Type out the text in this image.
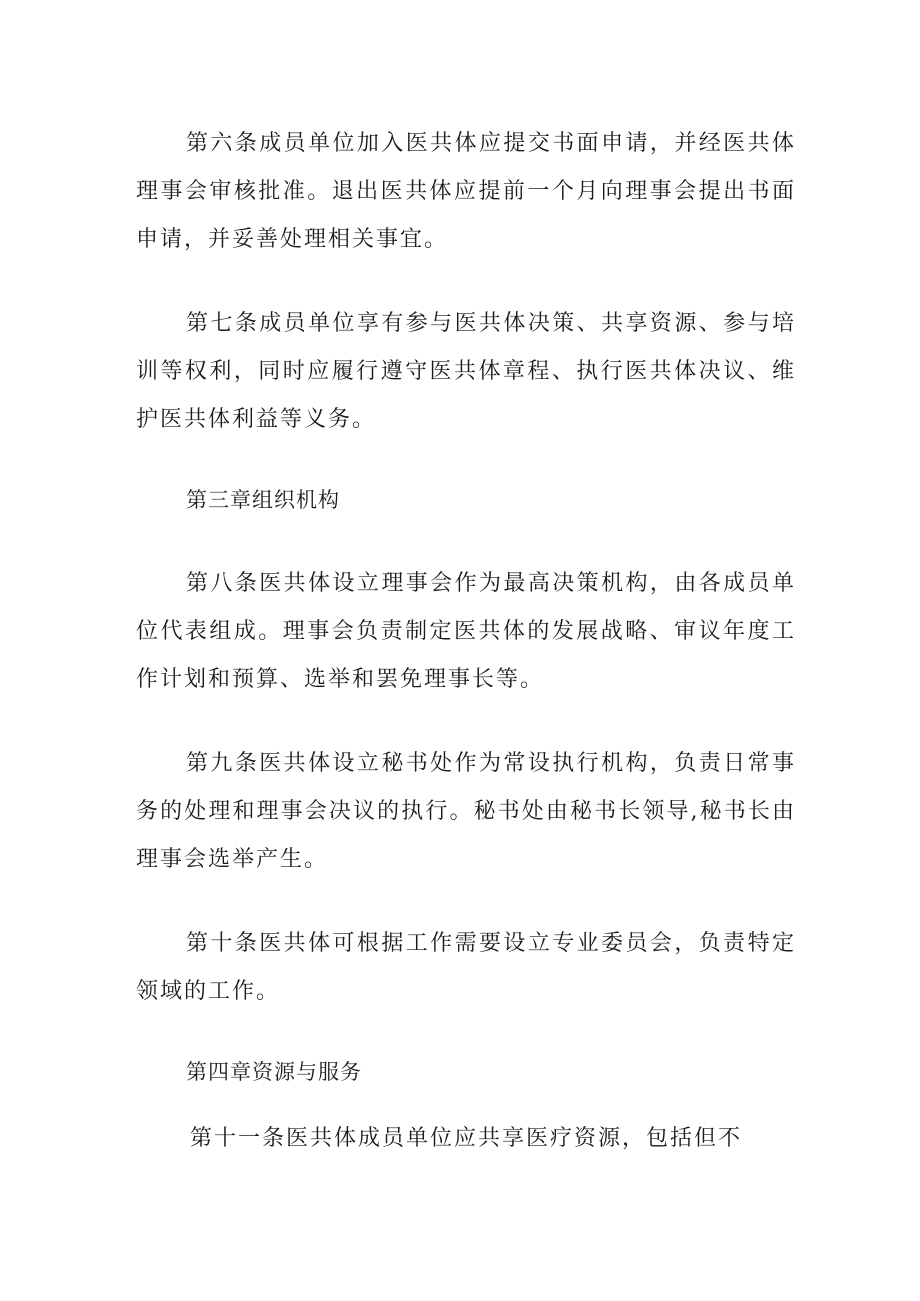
第六条成员单位加入医共体应提交书面申请，并经医共体理事会审核批准。退出医共体应提前一个月向理事会提出书面申请，并妥善处理相关事宜。

第七条成员单位享有参与医共体决策、共享资源、参与培训等权利，同时应履行遵守医共体章程、执行医共体决议、维护医共体利益等义务。

第三章组织机构

第八条医共体设立理事会作为最高决策机构，由各成员单位代表组成。理事会负责制定医共体的发展战略、审议年度工作计划和预算、选举和罢免理事长等。

第九条医共体设立秘书处作为常设执行机构，负责日常事务的处理和理事会决议的执行。秘书处由秘书长领导,秘书长由理事会选举产生。

第十条医共体可根据工作需要设立专业委员会，负责特定领域的工作。

第四章资源与服务

第十一条医共体成员单位应共享医疗资源，包括但不
